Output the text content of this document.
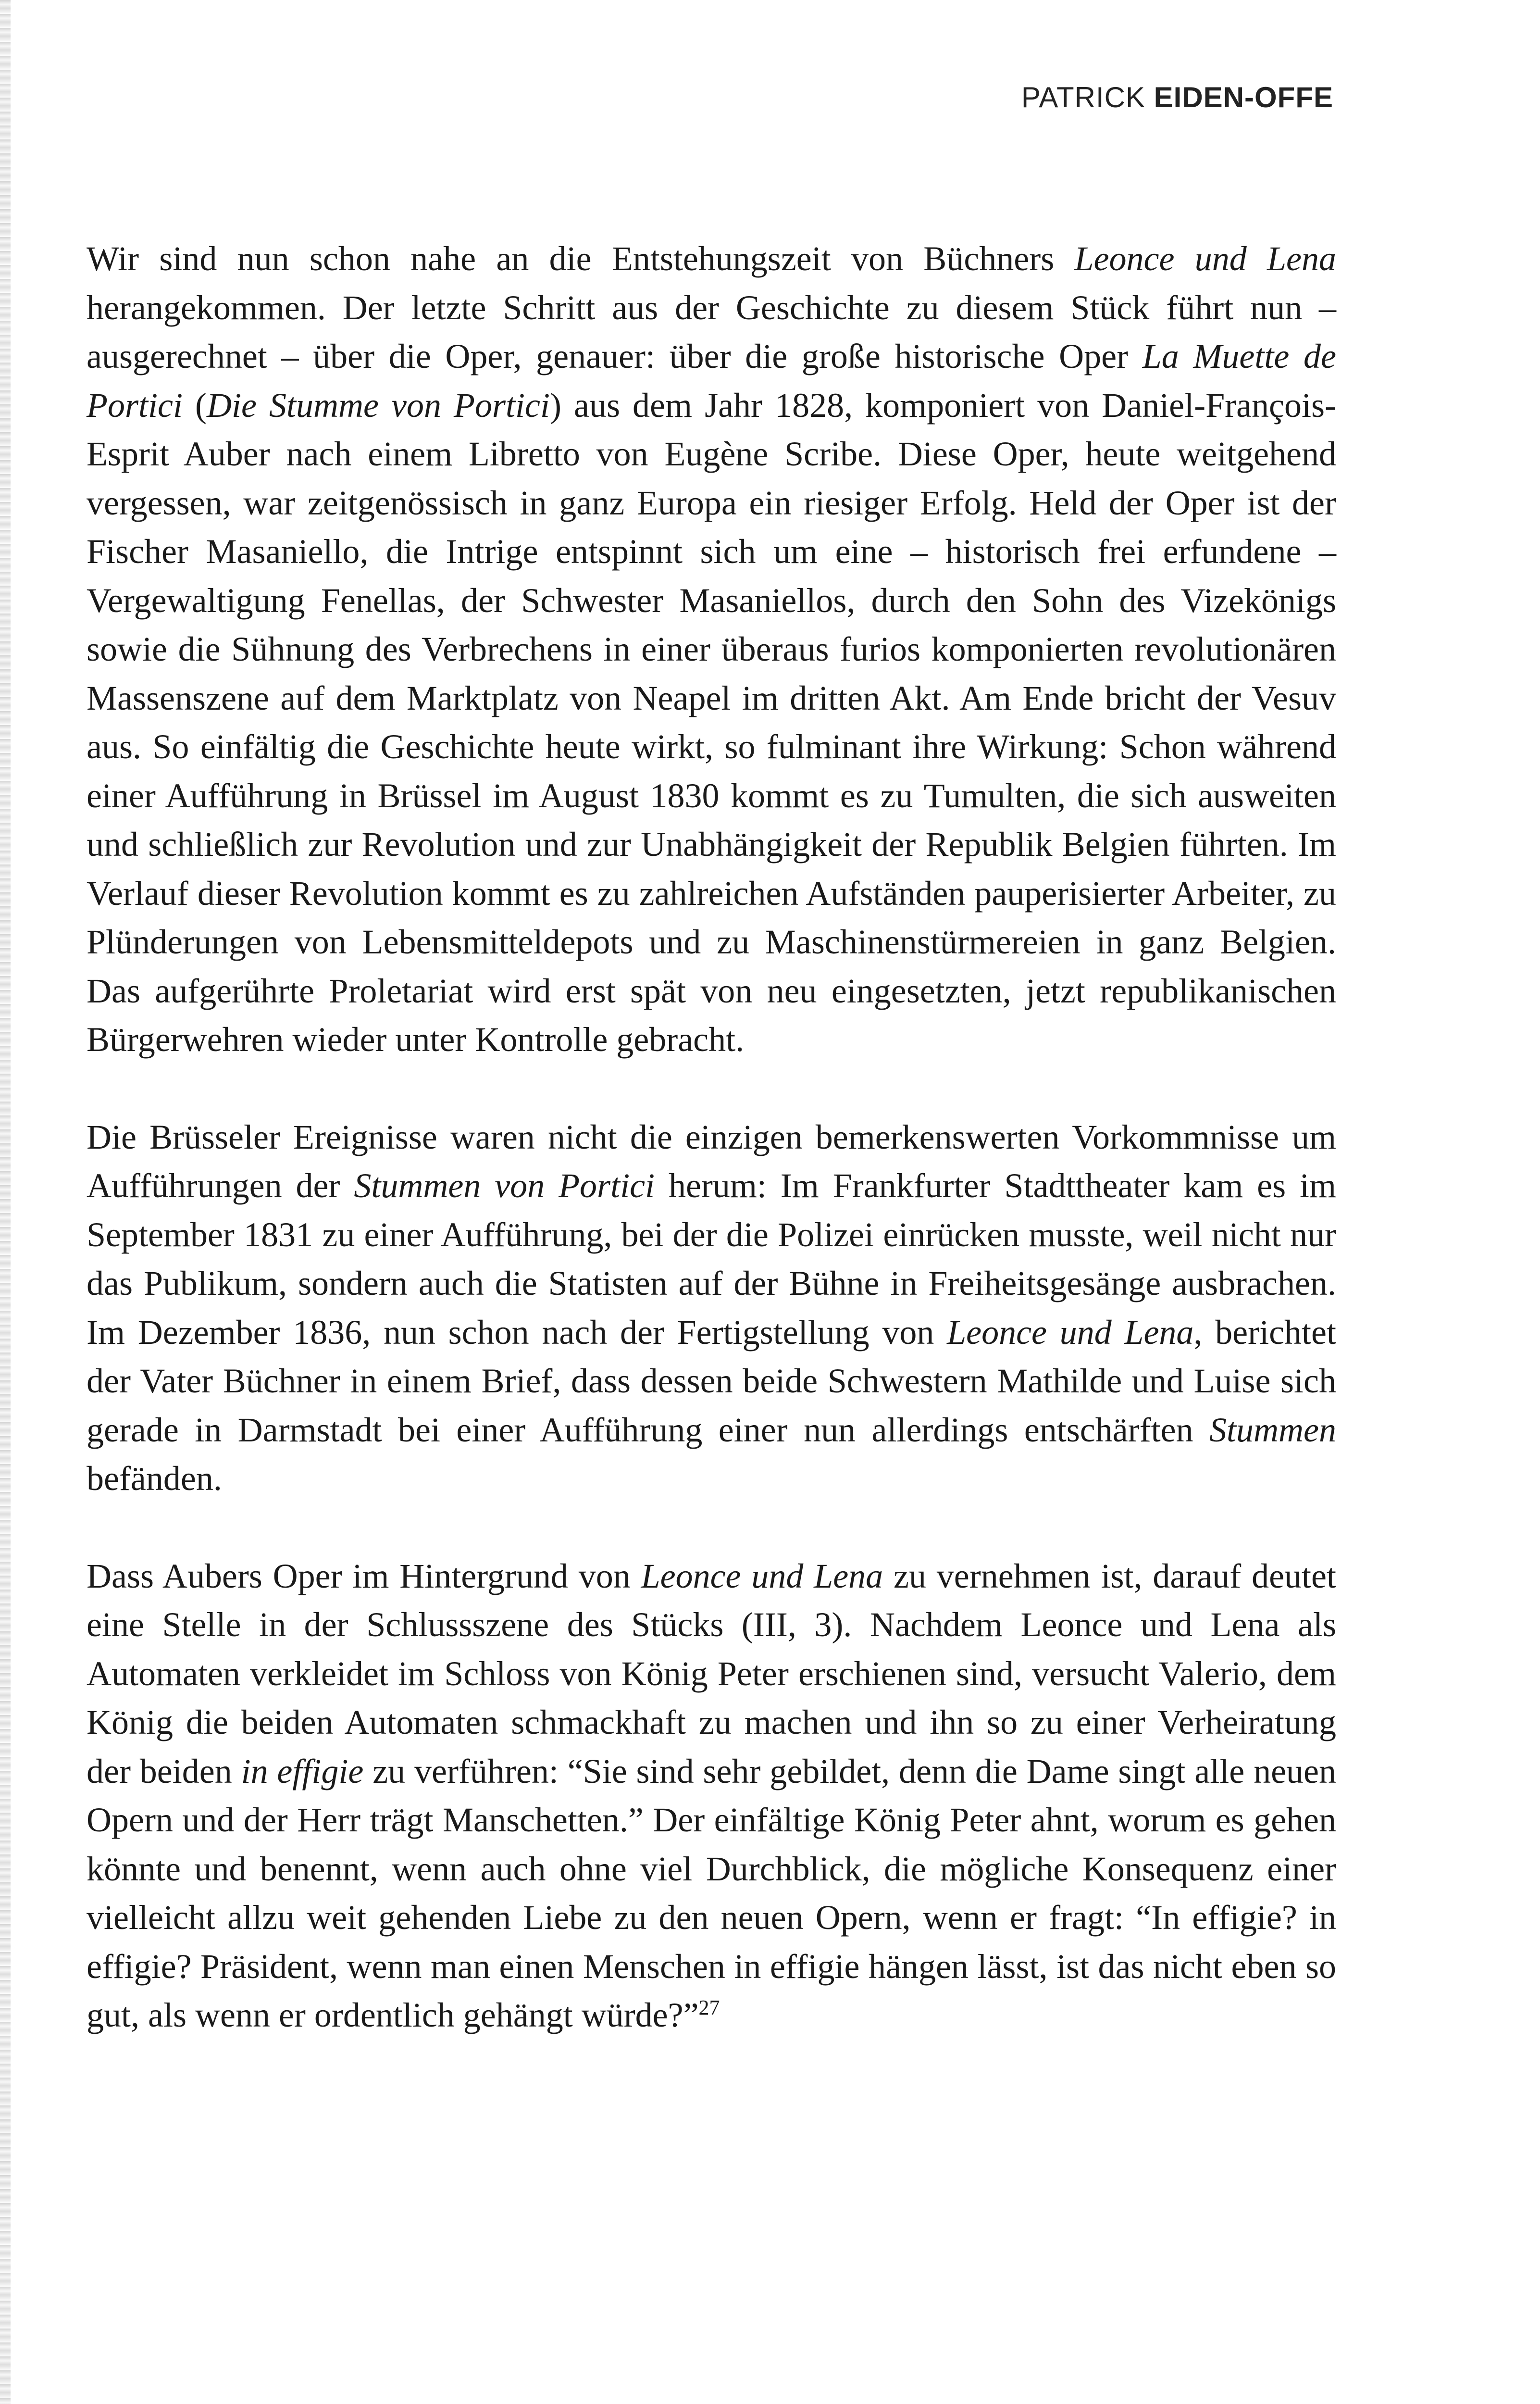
PATRICK EIDEN-OFFE

Wir sind nun schon nahe an die Entstehungszeit von Büchners Leonce und Lena herangekommen. Der letzte Schritt aus der Geschichte zu diesem Stück führt nun – ausgerechnet – über die Oper, genauer: über die große historische Oper La Muette de Portici (Die Stumme von Portici) aus dem Jahr 1828, komponiert von Daniel-François-Esprit Auber nach einem Libretto von Eugène Scribe. Diese Oper, heute weitgehend vergessen, war zeitgenössisch in ganz Europa ein riesiger Erfolg. Held der Oper ist der Fischer Masaniello, die Intrige entspinnt sich um eine – historisch frei erfundene – Vergewaltigung Fenellas, der Schwester Masaniellos, durch den Sohn des Vizekönigs sowie die Sühnung des Verbrechens in einer überaus furios komponierten revolutionären Massenszene auf dem Marktplatz von Neapel im dritten Akt. Am Ende bricht der Vesuv aus. So einfältig die Geschichte heute wirkt, so fulminant ihre Wirkung: Schon während einer Aufführung in Brüssel im August 1830 kommt es zu Tumulten, die sich ausweiten und schließlich zur Revolution und zur Unabhängigkeit der Republik Belgien führten. Im Verlauf dieser Revolution kommt es zu zahlreichen Aufständen pauperisierter Arbeiter, zu Plünderungen von Lebensmitteldepots und zu Maschinenstürmereien in ganz Belgien. Das aufgerührte Proletariat wird erst spät von neu eingesetzten, jetzt republikanischen Bürgerwehren wieder unter Kontrolle gebracht.

Die Brüsseler Ereignisse waren nicht die einzigen bemerkenswerten Vorkommnisse um Aufführungen der Stummen von Portici herum: Im Frankfurter Stadttheater kam es im September 1831 zu einer Aufführung, bei der die Polizei einrücken musste, weil nicht nur das Publikum, sondern auch die Statisten auf der Bühne in Freiheitsgesänge ausbrachen. Im Dezember 1836, nun schon nach der Fertigstellung von Leonce und Lena, berichtet der Vater Büchner in einem Brief, dass dessen beide Schwestern Mathilde und Luise sich gerade in Darmstadt bei einer Aufführung einer nun allerdings entschärften Stummen befänden.

Dass Aubers Oper im Hintergrund von Leonce und Lena zu vernehmen ist, darauf deutet eine Stelle in der Schlussszene des Stücks (III, 3). Nachdem Leonce und Lena als Automaten verkleidet im Schloss von König Peter erschienen sind, versucht Valerio, dem König die beiden Automaten schmackhaft zu machen und ihn so zu einer Verheiratung der beiden in effigie zu verführen: “Sie sind sehr gebildet, denn die Dame singt alle neuen Opern und der Herr trägt Manschetten.” Der einfältige König Peter ahnt, worum es gehen könnte und benennt, wenn auch ohne viel Durchblick, die mögliche Konsequenz einer vielleicht allzu weit gehenden Liebe zu den neuen Opern, wenn er fragt: “In effigie? in effigie? Präsident, wenn man einen Menschen in effigie hängen lässt, ist das nicht eben so gut, als wenn er ordentlich gehängt würde?”$^{27}$
